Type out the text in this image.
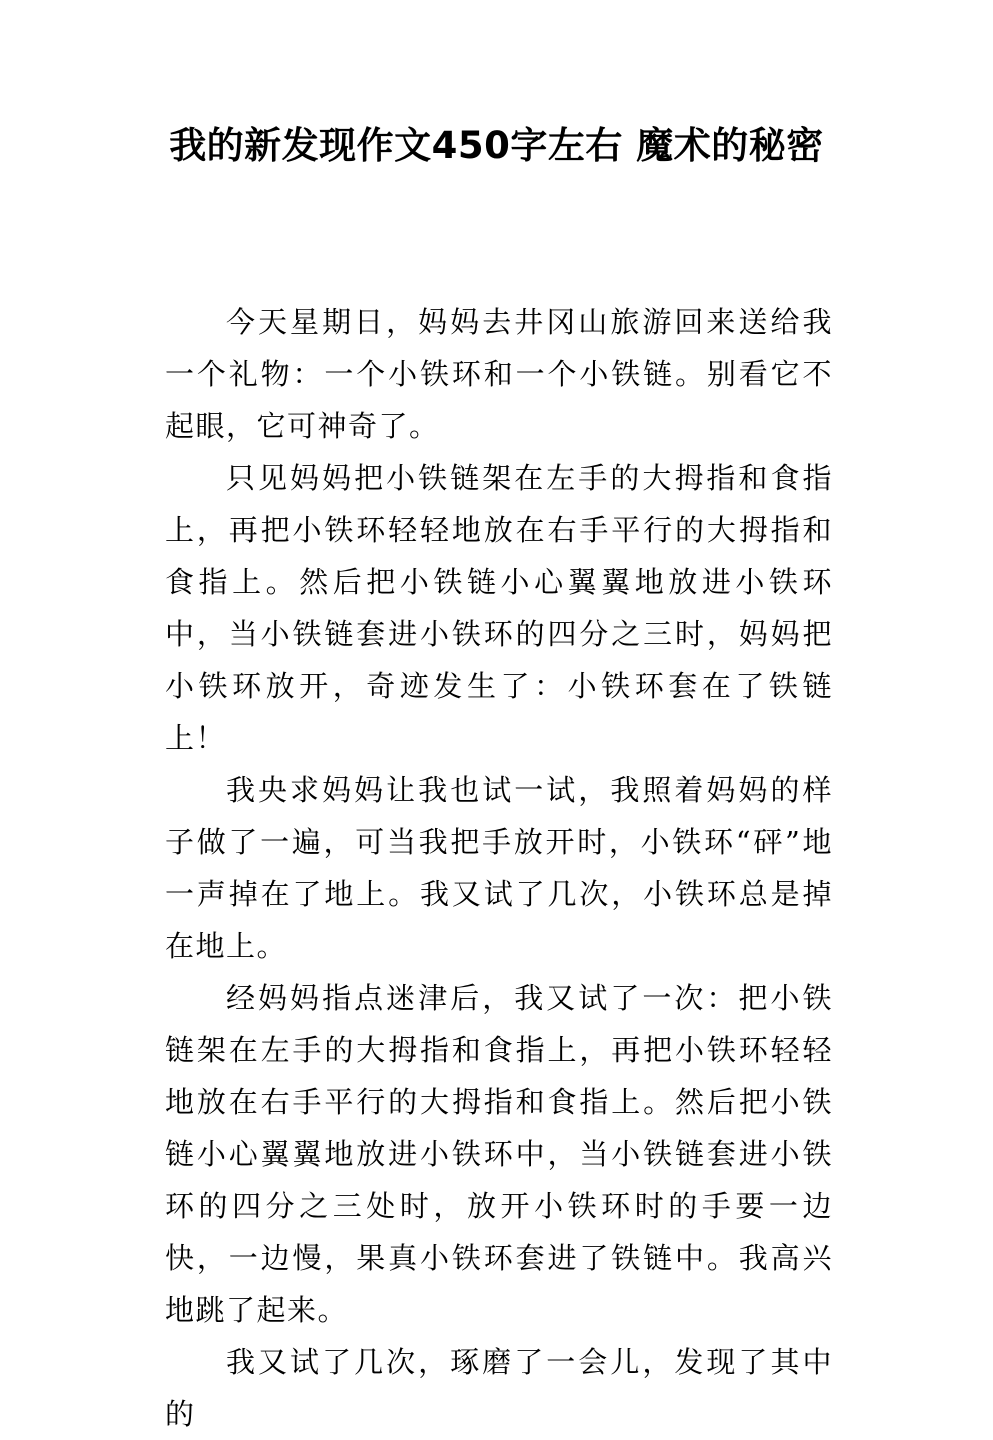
我的新发现作文450字左右 魔术的秘密

今天星期日，妈妈去井冈山旅游回来送给我一个礼物：一个小铁环和一个小铁链。别看它不起眼，它可神奇了。

只见妈妈把小铁链架在左手的大拇指和食指上，再把小铁环轻轻地放在右手平行的大拇指和食指上。然后把小铁链小心翼翼地放进小铁环中，当小铁链套进小铁环的四分之三时，妈妈把小铁环放开，奇迹发生了：小铁环套在了铁链上！

我央求妈妈让我也试一试，我照着妈妈的样子做了一遍，可当我把手放开时，小铁环“砰”地一声掉在了地上。我又试了几次，小铁环总是掉在地上。

经妈妈指点迷津后，我又试了一次：把小铁链架在左手的大拇指和食指上，再把小铁环轻轻地放在右手平行的大拇指和食指上。然后把小铁链小心翼翼地放进小铁环中，当小铁链套进小铁环的四分之三处时，放开小铁环时的手要一边快，一边慢，果真小铁环套进了铁链中。我高兴地跳了起来。

我又试了几次，琢磨了一会儿，发现了其中的
